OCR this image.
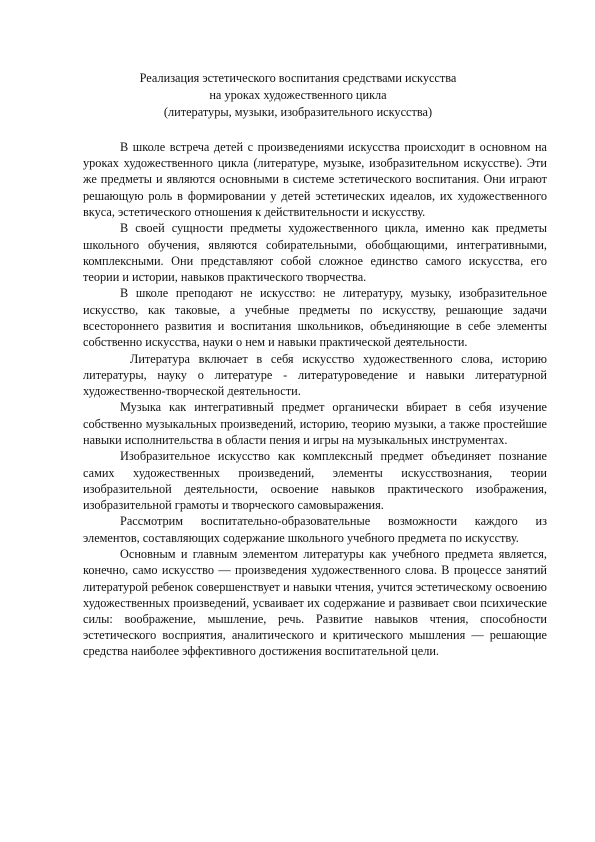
Реализация эстетического воспитания средствами искусства
на уроках художественного цикла
(литературы, музыки, изобразительного искусства)

В школе встреча детей с произведениями искусства происходит в основном на уроках художественного цикла (литературе, музыке, изобразительном искусстве). Эти же предметы и являются основными в системе эстетического воспитания. Они играют решающую роль в формировании у детей эстетических идеалов, их художественного вкуса, эстетического отношения к действительности и искусству.

В своей сущности предметы художественного цикла, именно как предметы школьного обучения, являются собирательными, обобщающими, интегративными, комплексными. Они представляют собой сложное единство самого искусства, его теории и истории, навыков практического творчества.

В школе преподают не искусство: не литературу, музыку, изобразительное искусство, как таковые, а учебные предметы по искусству, решающие задачи всестороннего развития и воспитания школьников, объединяющие в себе элементы собственно искусства, науки о нем и навыки практической деятельности.

Литература включает в себя искусство художественного слова, историю литературы, науку о литературе - литературоведение и навыки литературной художественно-творческой деятельности.

Музыка как интегративный предмет органически вбирает в себя изучение собственно музыкальных произведений, историю, теорию музыки, а также простейшие навыки исполнительства в области пения и игры на музыкальных инструментах.

Изобразительное искусство как комплексный предмет объединяет познание самих художественных произведений, элементы искусствознания, теории изобразительной деятельности, освоение навыков практического изображения, изобразительной грамоты и творческого самовыражения.

Рассмотрим воспитательно-образовательные возможности каждого из элементов, составляющих содержание школьного учебного предмета по искусству.

Основным и главным элементом литературы как учебного предмета является, конечно, само искусство — произведения художественного слова. В процессе занятий литературой ребенок совершенствует и навыки чтения, учится эстетическому освоению художественных произведений, усваивает их содержание и развивает свои психические силы: воображение, мышление, речь. Развитие навыков чтения, способности эстетического восприятия, аналитического и критического мышления — решающие средства наиболее эффективного достижения воспитательной цели.
